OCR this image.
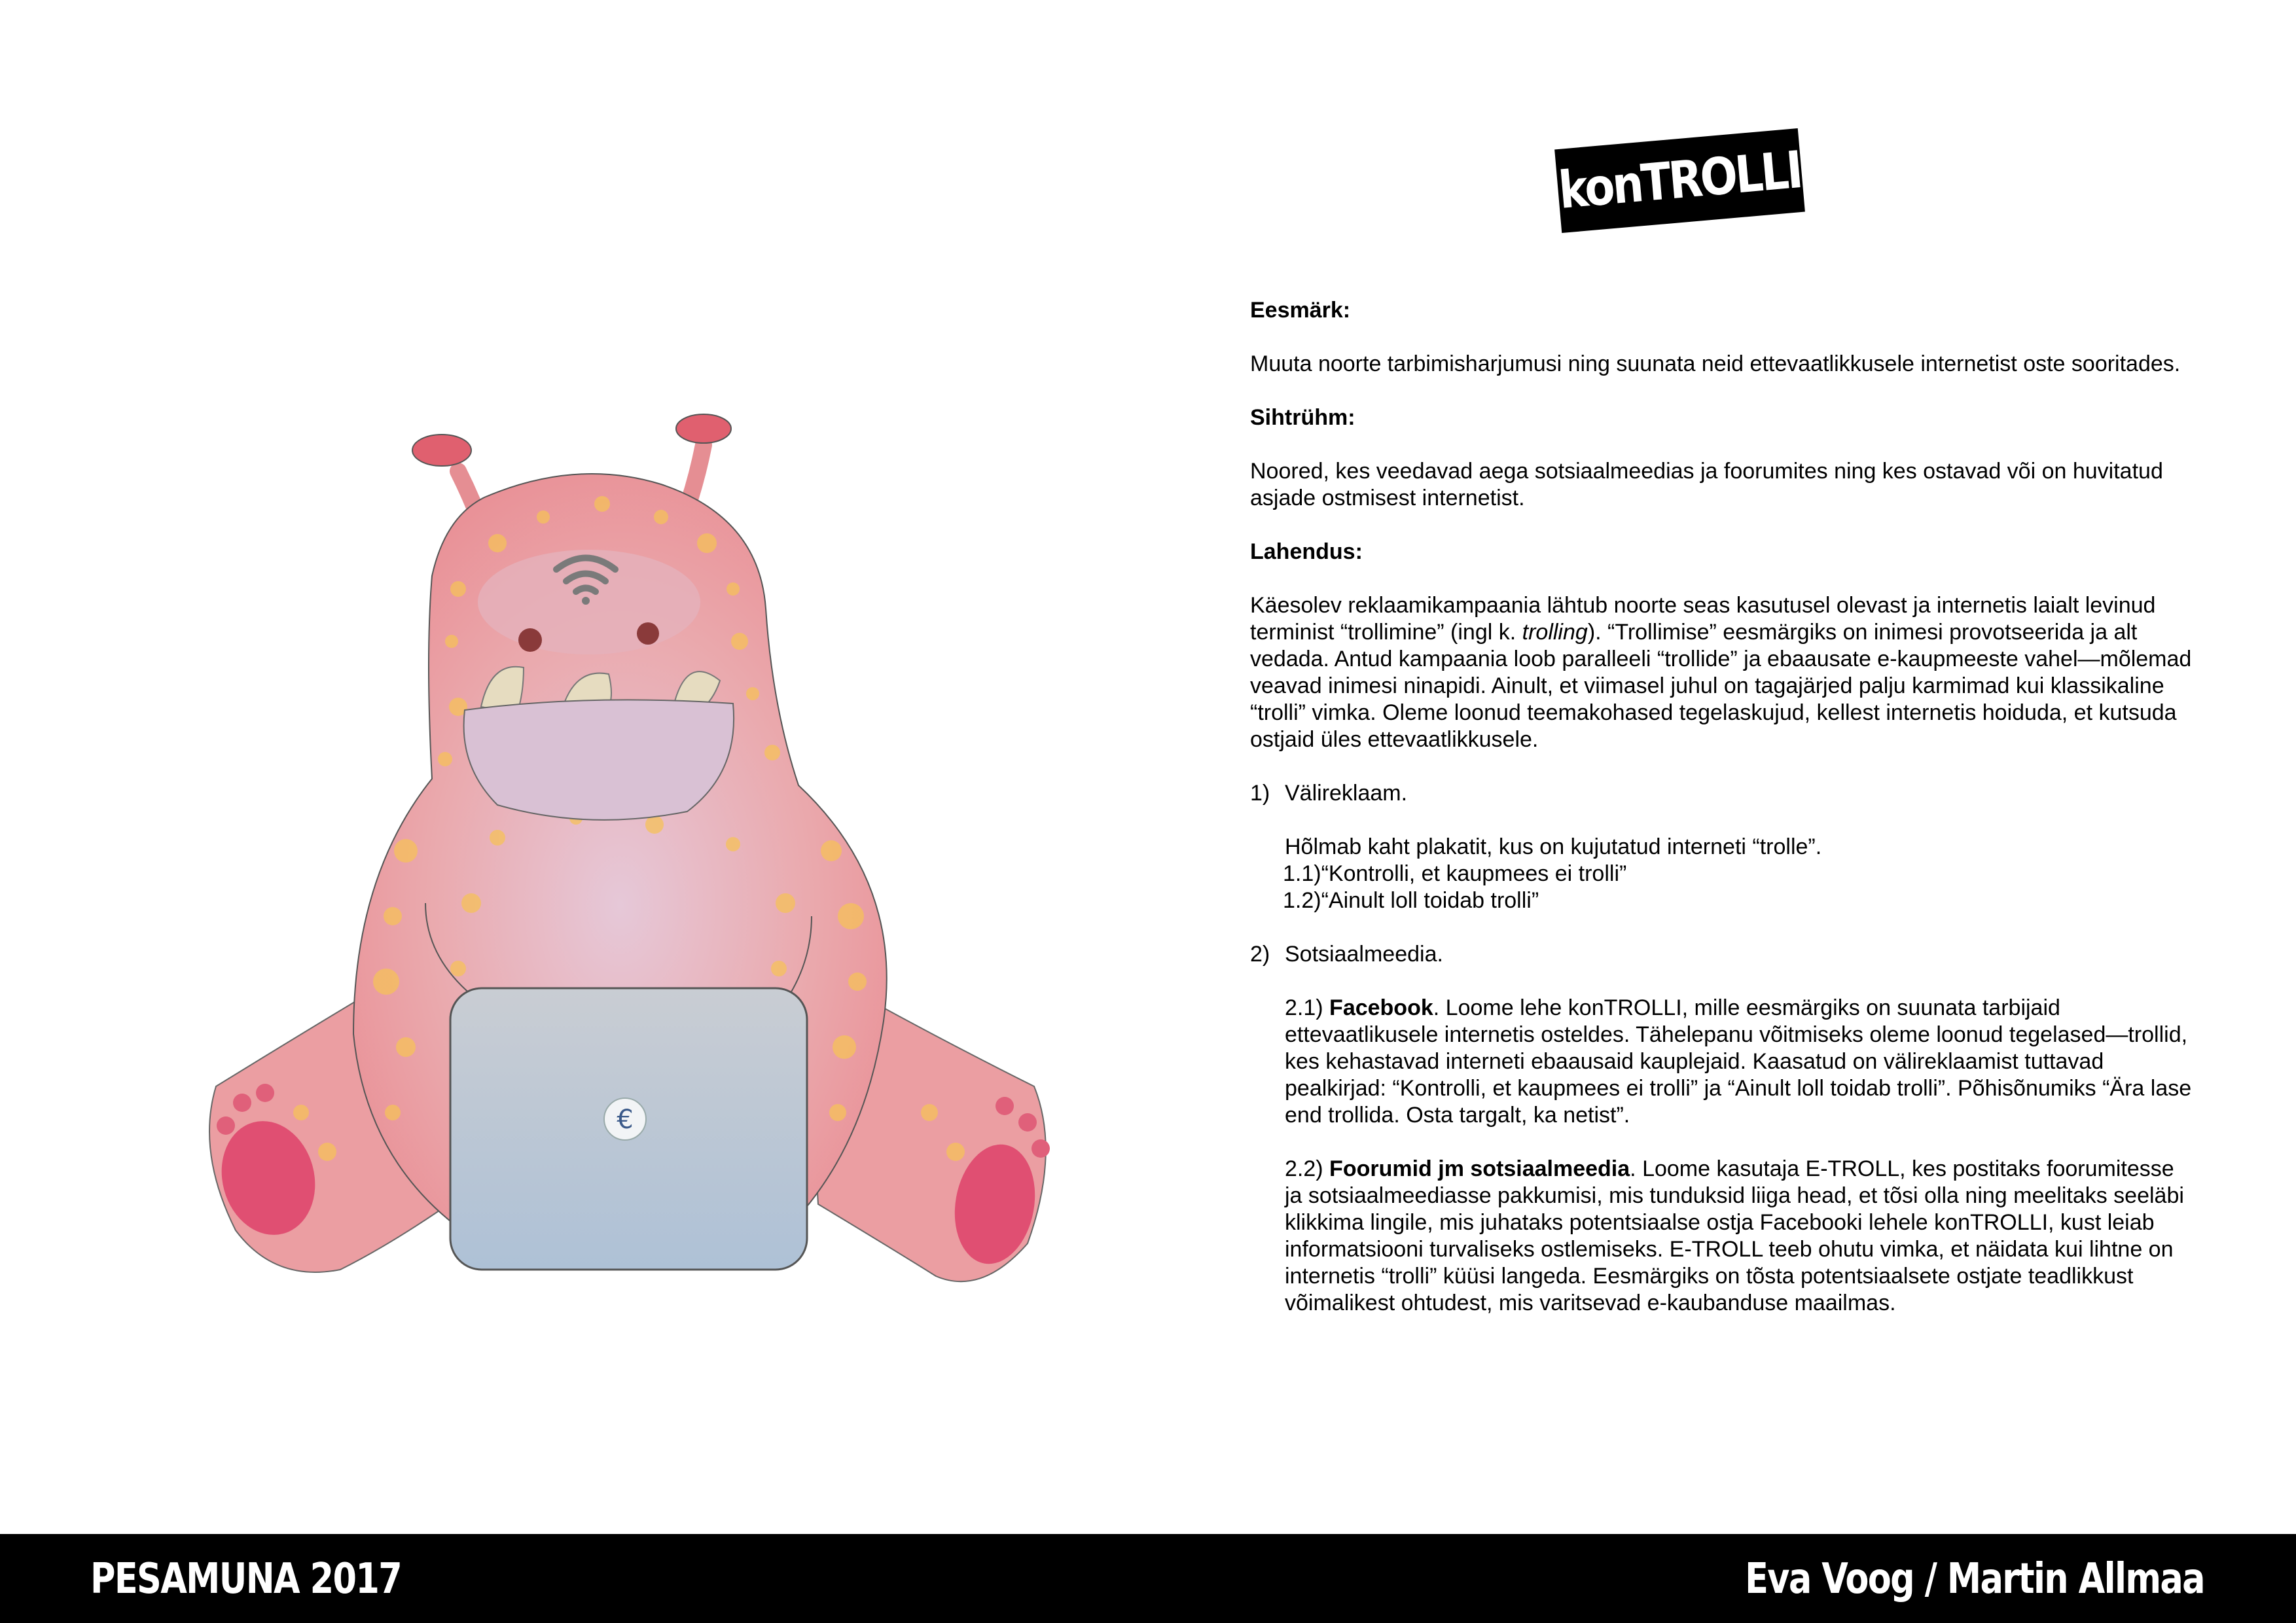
€
konTROLLI

Eesmärk:

Muuta noorte tarbimisharjumusi ning suunata neid ettevaatlikkusele internetist oste sooritades.

Sihtrühm:

Noored, kes veedavad aega sotsiaalmeedias ja foorumites ning kes ostavad või on huvitatud asjade ostmisest internetist.

Lahendus:

Käesolev reklaamikampaania lähtub noorte seas kasutusel olevast ja internetis laialt levinud terminist “trollimine” (ingl k. trolling). “Trollimise” eesmärgiks on inimesi provotseerida ja alt vedada. Antud kampaania loob paralleeli “trollide” ja ebaausate e-kaupmeeste vahel—mõlemad veavad inimesi ninapidi. Ainult, et viimasel juhul on tagajärjed palju karmimad kui klassikaline “trolli” vimka. Oleme loonud teemakohased tegelaskujud, kellest internetis hoiduda, et kutsuda ostjaid üles ettevaatlikkusele.

1) Välireklaam.

Hõlmab kaht plakatit, kus on kujutatud interneti “trolle”.

1.1)“Kontrolli, et kaupmees ei trolli”

1.2)“Ainult loll toidab trolli”

2) Sotsiaalmeedia.

2.1) Facebook. Loome lehe konTROLLI, mille eesmärgiks on suunata tarbijaid ettevaatlikusele internetis osteldes. Tähelepanu võitmiseks oleme loonud tegelased—trollid, kes kehastavad interneti ebaausaid kauplejaid. Kaasatud on välireklaamist tuttavad pealkirjad: “Kontrolli, et kaupmees ei trolli” ja “Ainult loll toidab trolli”. Põhisõnumiks “Ära lase end trollida. Osta targalt, ka netist”.

2.2) Foorumid jm sotsiaalmeedia. Loome kasutaja E-TROLL, kes postitaks foorumitesse ja sotsiaalmeediasse pakkumisi, mis tunduksid liiga head, et tõsi olla ning meelitaks seeläbi klikkima lingile, mis juhataks potentsiaalse ostja Facebooki lehele konTROLLI, kust leiab informatsiooni turvaliseks ostlemiseks. E-TROLL teeb ohutu vimka, et näidata kui lihtne on internetis “trolli” küüsi langeda. Eesmärgiks on tõsta potentsiaalsete ostjate teadlikkust võimalikest ohtudest, mis varitsevad e-kaubanduse maailmas.

PESAMUNA 2017	Eva Voog / Martin Allmaa
